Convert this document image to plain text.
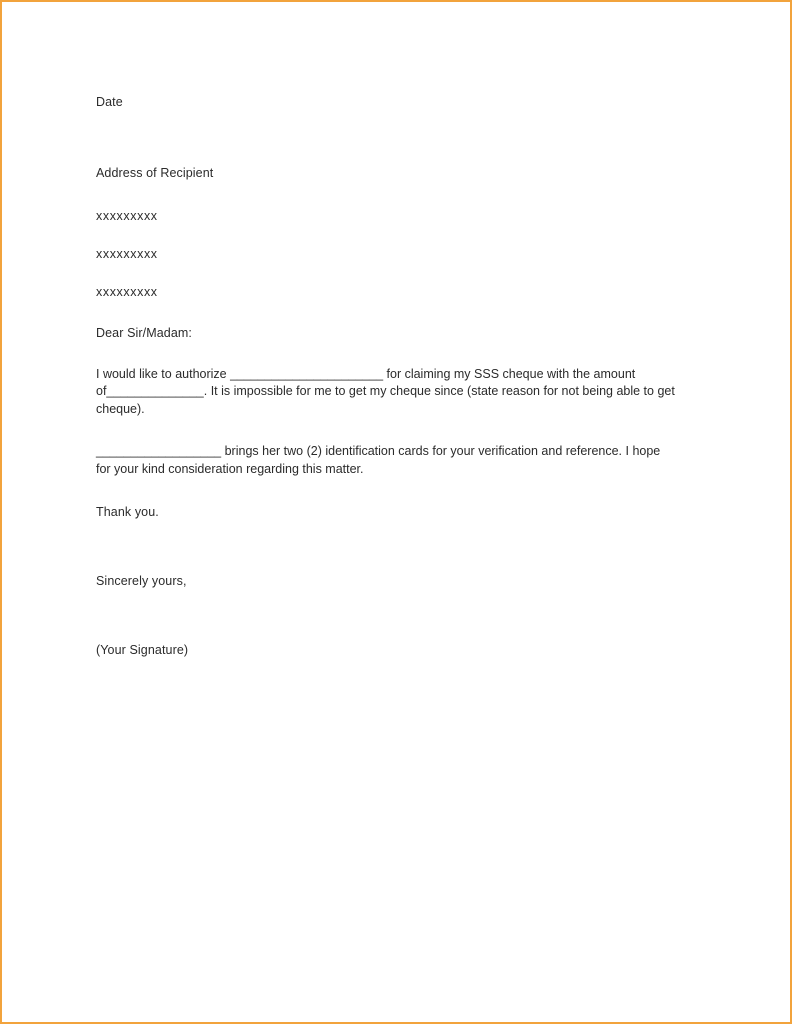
Date
Address of Recipient
xxxxxxxxx
xxxxxxxxx
xxxxxxxxx
Dear Sir/Madam:
I would like to authorize ______________________ for claiming my SSS cheque with the amount of______________. It is impossible for me to get my cheque since (state reason for not being able to get cheque).
__________________ brings her two (2) identification cards for your verification and reference. I hope for your kind consideration regarding this matter.
Thank you.
Sincerely yours,
(Your Signature)
